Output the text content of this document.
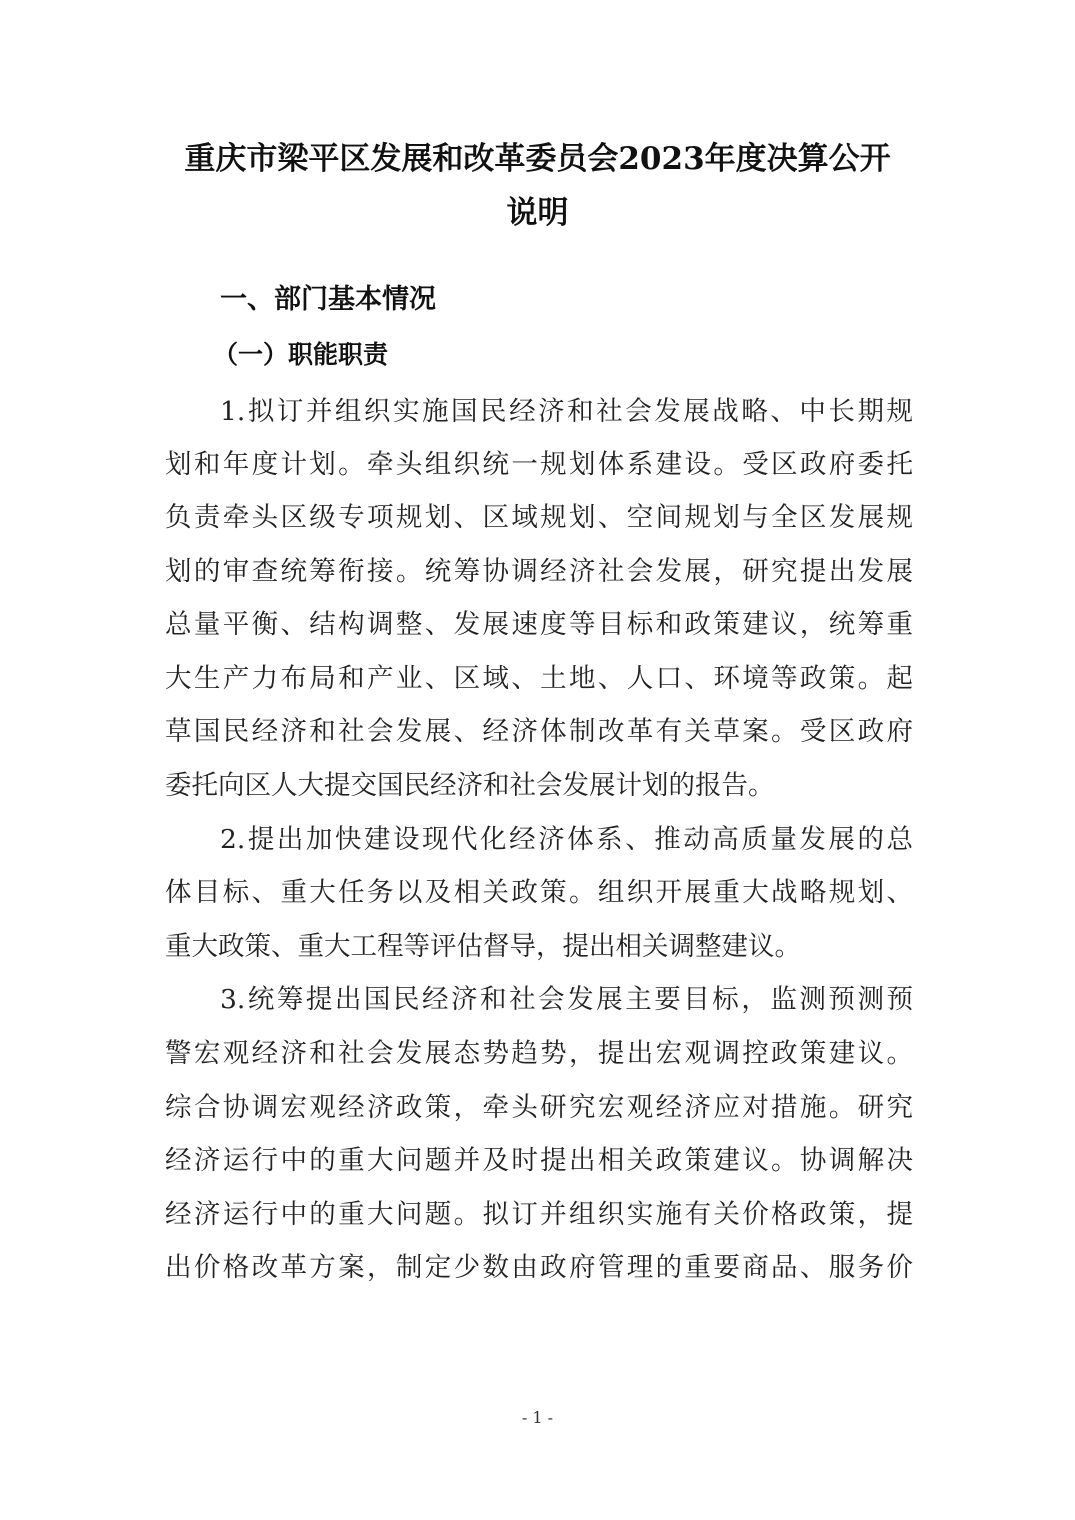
重庆市梁平区发展和改革委员会2023年度决算公开
说明
一、部门基本情况
（一）职能职责
1.拟订并组织实施国民经济和社会发展战略、中长期规
划和年度计划。牵头组织统一规划体系建设。受区政府委托
负责牵头区级专项规划、区域规划、空间规划与全区发展规
划的审查统筹衔接。统筹协调经济社会发展，研究提出发展
总量平衡、结构调整、发展速度等目标和政策建议，统筹重
大生产力布局和产业、区域、土地、人口、环境等政策。起
草国民经济和社会发展、经济体制改革有关草案。受区政府
委托向区人大提交国民经济和社会发展计划的报告。
2.提出加快建设现代化经济体系、推动高质量发展的总
体目标、重大任务以及相关政策。组织开展重大战略规划、
重大政策、重大工程等评估督导，提出相关调整建议。
3.统筹提出国民经济和社会发展主要目标，监测预测预
警宏观经济和社会发展态势趋势，提出宏观调控政策建议。
综合协调宏观经济政策，牵头研究宏观经济应对措施。研究
经济运行中的重大问题并及时提出相关政策建议。协调解决
经济运行中的重大问题。拟订并组织实施有关价格政策，提
出价格改革方案，制定少数由政府管理的重要商品、服务价
- 1 -
